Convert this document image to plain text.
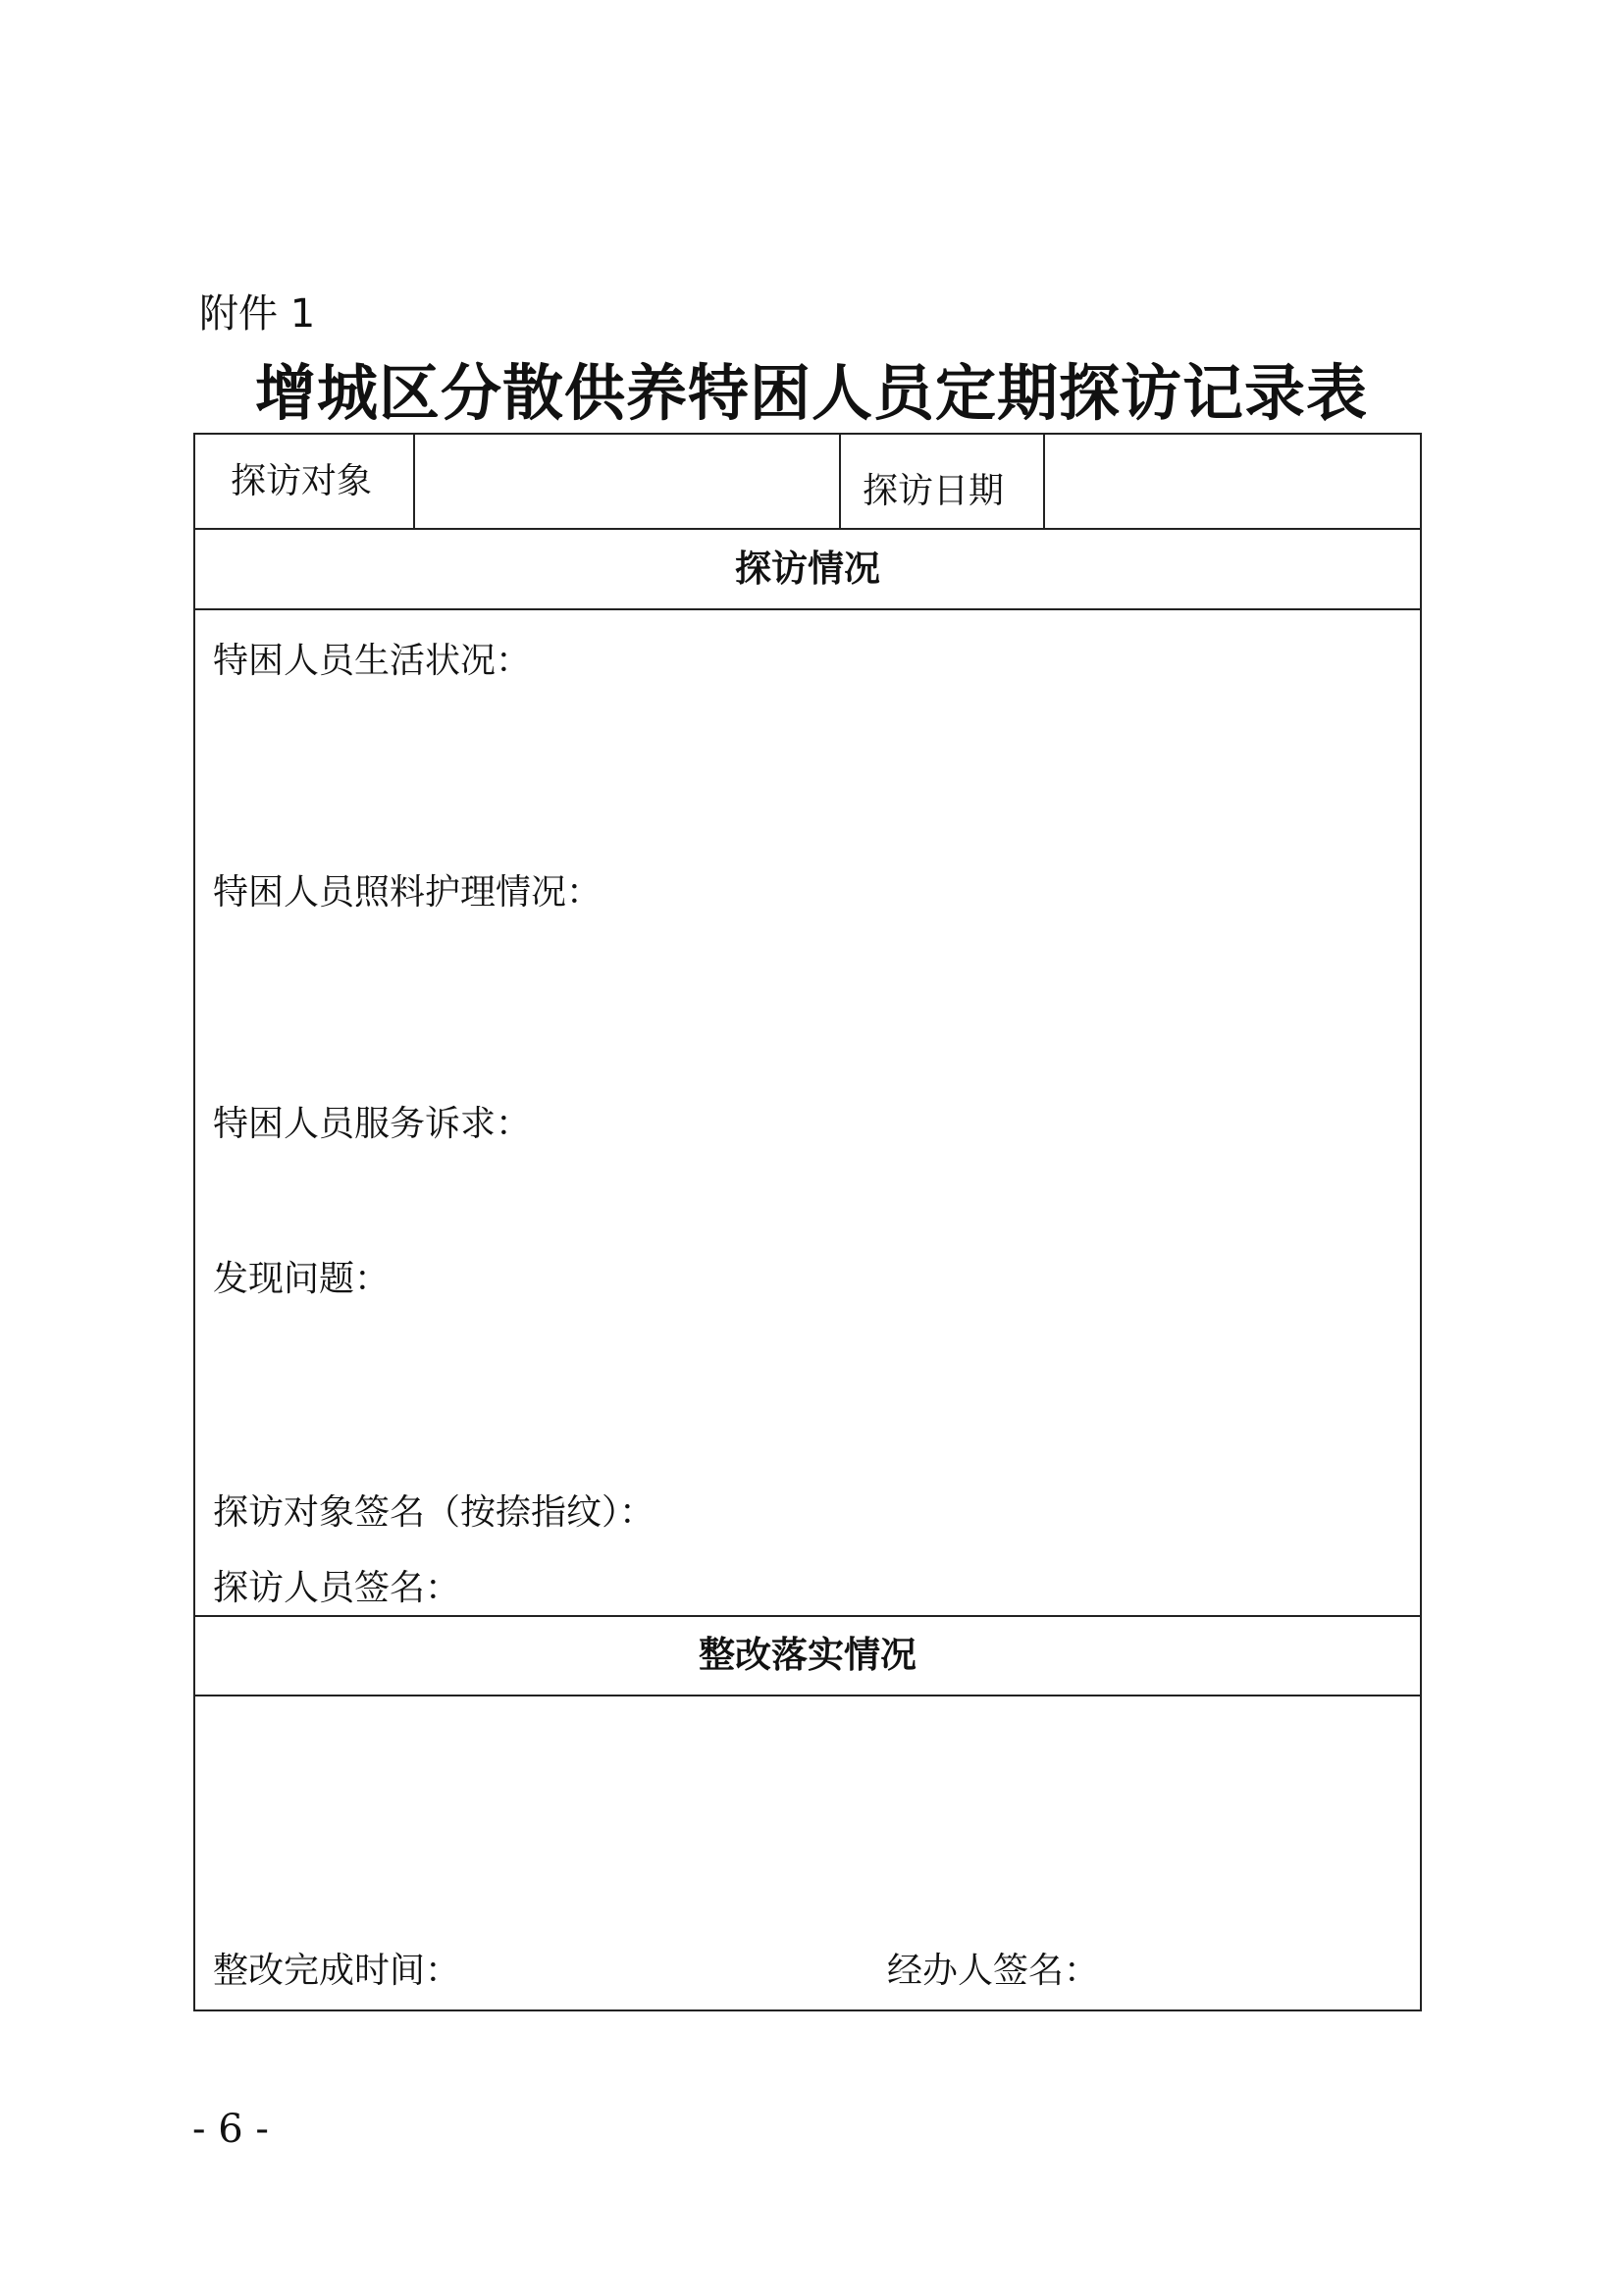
附件 1
增城区分散供养特困人员定期探访记录表
探访对象	探访日期
探访情况
特困人员生活状况：
特困人员照料护理情况：
特困人员服务诉求：
发现问题：
探访对象签名（按捺指纹）：
探访人员签名：
整改落实情况
整改完成时间：	经办人签名：
- 6 -
